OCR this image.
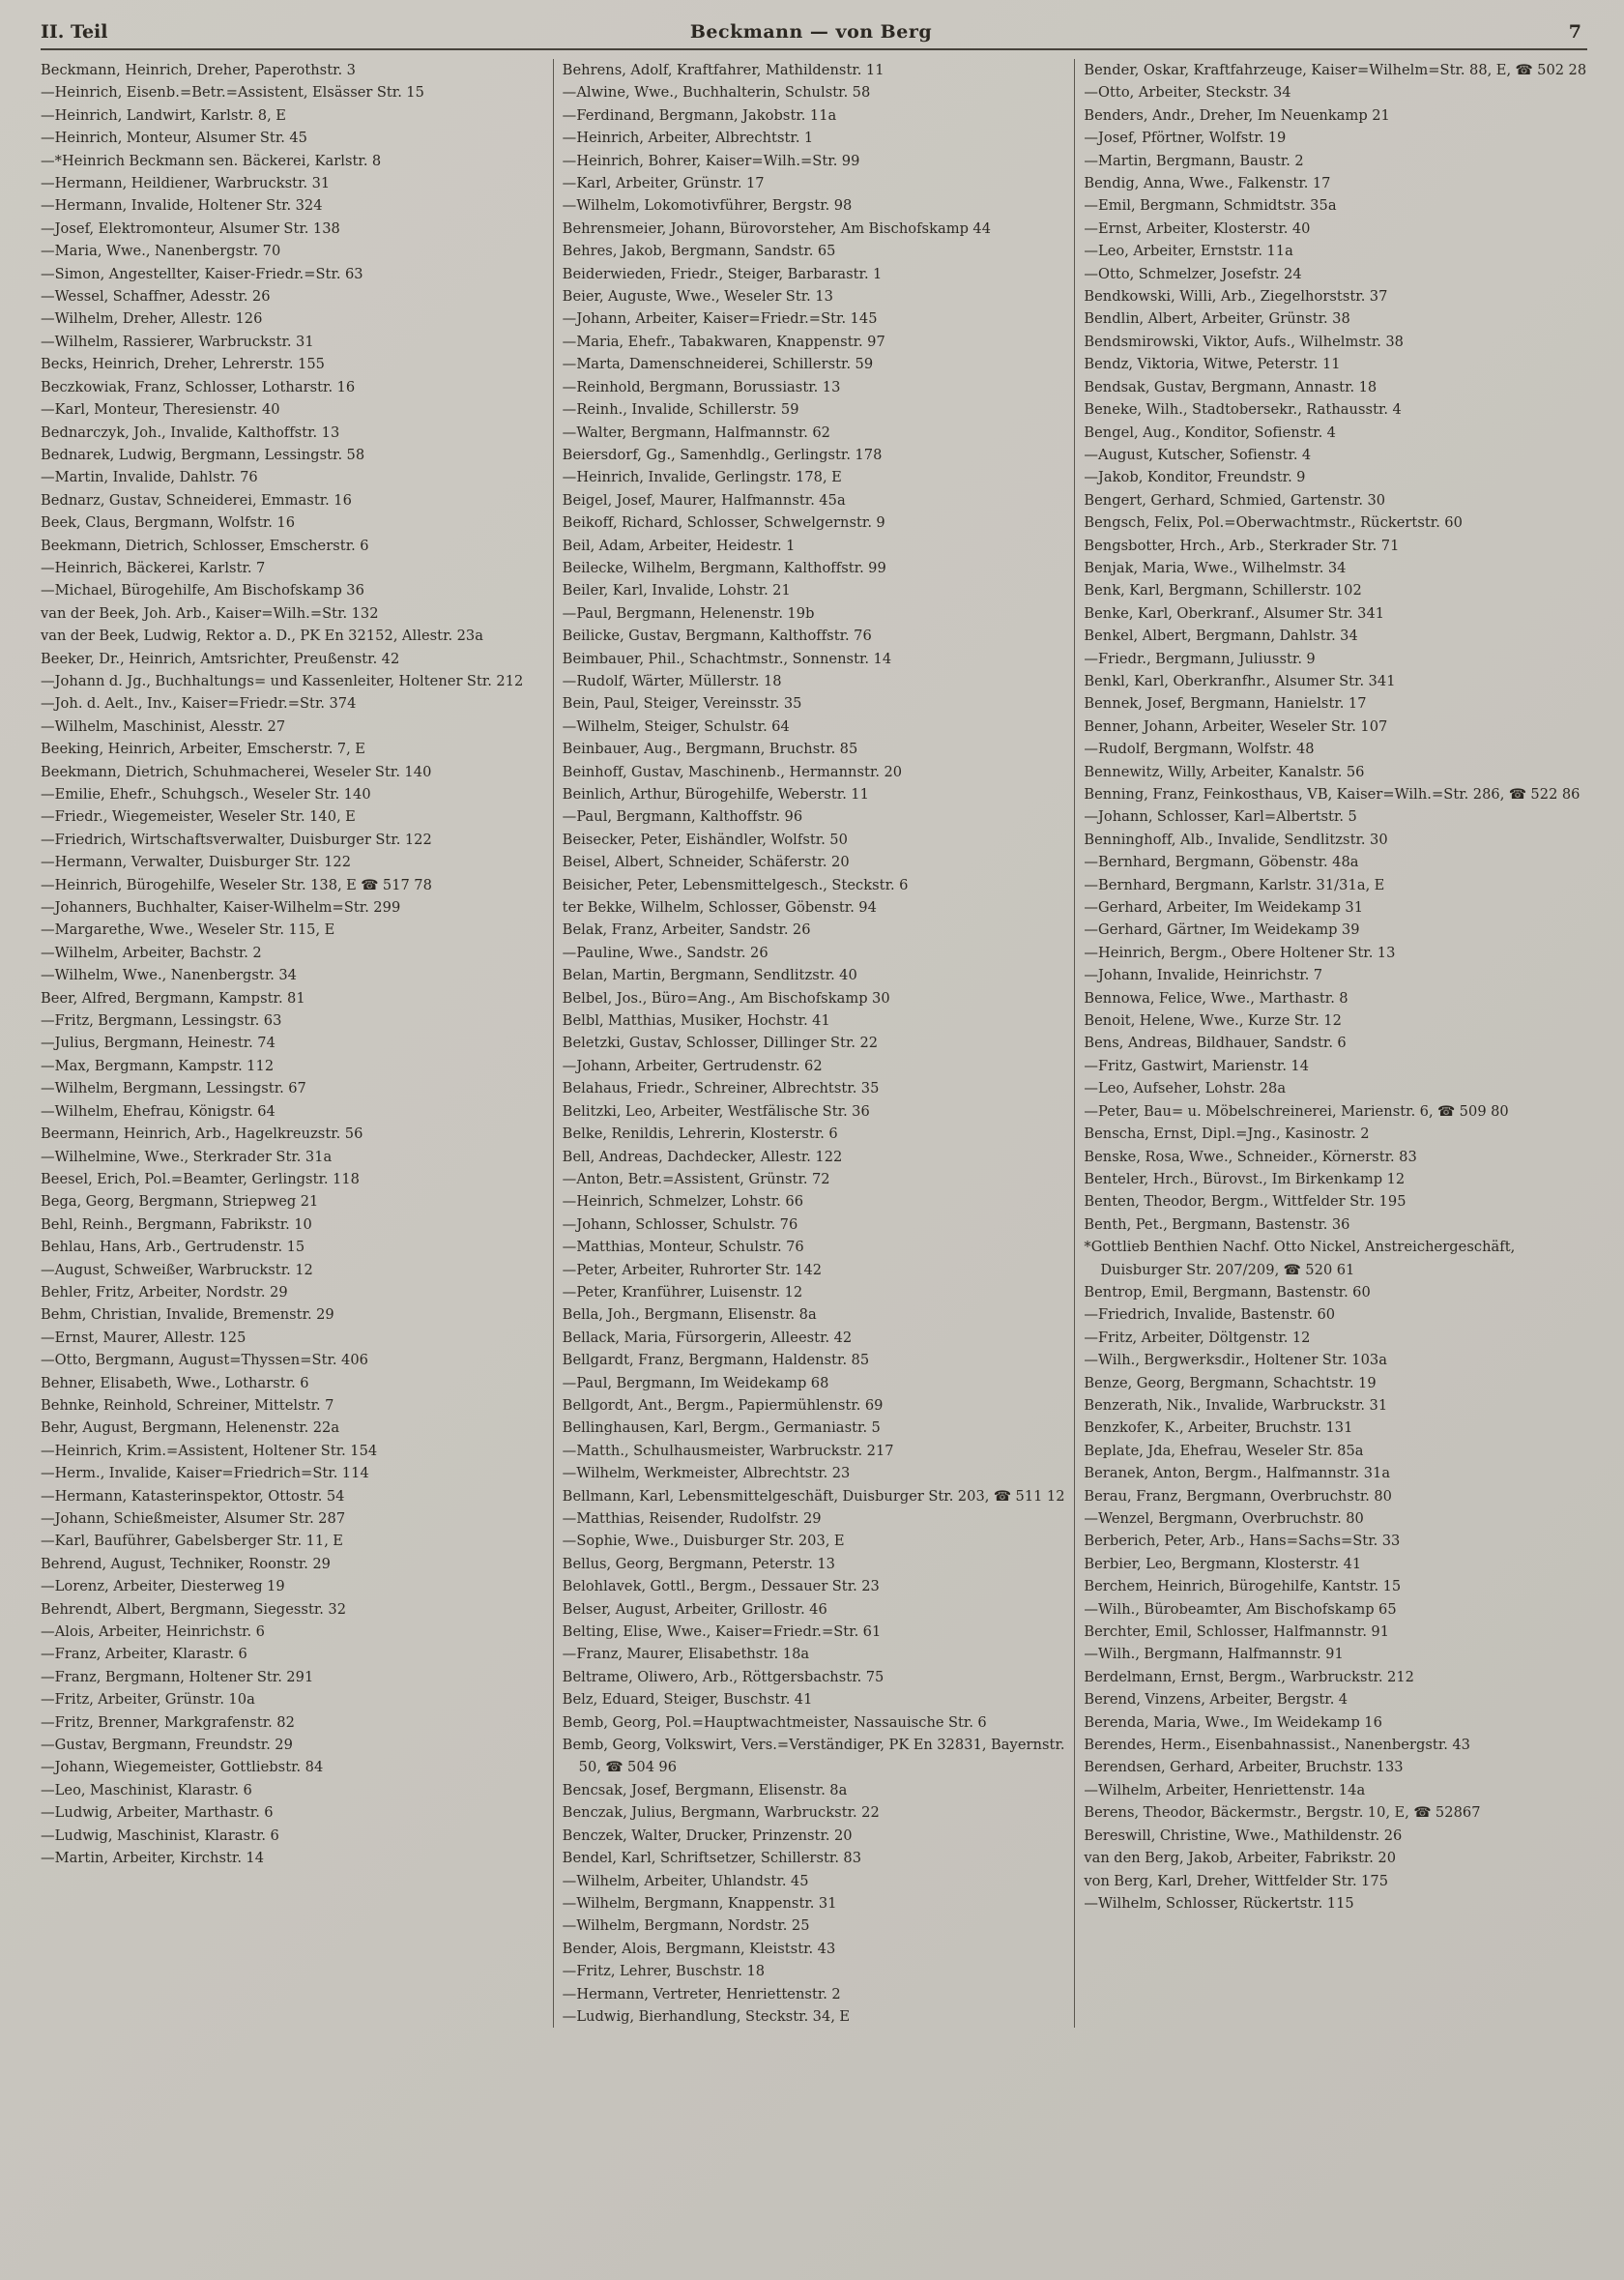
II. Teil	Beckmann — von Berg	7

Beckmann, Heinrich, Dreher, Paperothstr. 3

—Heinrich, Eisenb.=Betr.=Assistent, Elsässer Str. 15

—Heinrich, Landwirt, Karlstr. 8, E

—Heinrich, Monteur, Alsumer Str. 45

—*Heinrich Beckmann sen. Bäckerei, Karlstr. 8

—Hermann, Heildiener, Warbruckstr. 31

—Hermann, Invalide, Holtener Str. 324

—Josef, Elektromonteur, Alsumer Str. 138

—Maria, Wwe., Nanenbergstr. 70

—Simon, Angestellter, Kaiser-Friedr.=Str. 63

—Wessel, Schaffner, Adesstr. 26

—Wilhelm, Dreher, Allestr. 126

—Wilhelm, Rassierer, Warbruckstr. 31

Becks, Heinrich, Dreher, Lehrerstr. 155

Beczkowiak, Franz, Schlosser, Lotharstr. 16

—Karl, Monteur, Theresienstr. 40

Bednarczyk, Joh., Invalide, Kalthoffstr. 13

Bednarek, Ludwig, Bergmann, Lessingstr. 58

—Martin, Invalide, Dahlstr. 76

Bednarz, Gustav, Schneiderei, Emmastr. 16

Beek, Claus, Bergmann, Wolfstr. 16

Beekmann, Dietrich, Schlosser, Emscherstr. 6

—Heinrich, Bäckerei, Karlstr. 7

—Michael, Bürogehilfe, Am Bischofskamp 36

van der Beek, Joh. Arb., Kaiser=Wilh.=Str. 132

van der Beek, Ludwig, Rektor a. D., PK En 32152, Allestr. 23a

Beeker, Dr., Heinrich, Amtsrichter, Preußenstr. 42

—Johann d. Jg., Buchhaltungs= und Kassenleiter, Holtener Str. 212

—Joh. d. Aelt., Inv., Kaiser=Friedr.=Str. 374

—Wilhelm, Maschinist, Alesstr. 27

Beeking, Heinrich, Arbeiter, Emscherstr. 7, E

Beekmann, Dietrich, Schuhmacherei, Weseler Str. 140

—Emilie, Ehefr., Schuhgsch., Weseler Str. 140

—Friedr., Wiegemeister, Weseler Str. 140, E

—Friedrich, Wirtschaftsverwalter, Duisburger Str. 122

—Hermann, Verwalter, Duisburger Str. 122

—Heinrich, Bürogehilfe, Weseler Str. 138, E ☎ 517 78

—Johanners, Buchhalter, Kaiser-Wilhelm=Str. 299

—Margarethe, Wwe., Weseler Str. 115, E

—Wilhelm, Arbeiter, Bachstr. 2

—Wilhelm, Wwe., Nanenbergstr. 34

Beer, Alfred, Bergmann, Kampstr. 81

—Fritz, Bergmann, Lessingstr. 63

—Julius, Bergmann, Heinestr. 74

—Max, Bergmann, Kampstr. 112

—Wilhelm, Bergmann, Lessingstr. 67

—Wilhelm, Ehefrau, Königstr. 64

Beermann, Heinrich, Arb., Hagelkreuzstr. 56

—Wilhelmine, Wwe., Sterkrader Str. 31a

Beesel, Erich, Pol.=Beamter, Gerlingstr. 118

Bega, Georg, Bergmann, Striepweg 21

Behl, Reinh., Bergmann, Fabrikstr. 10

Behlau, Hans, Arb., Gertrudenstr. 15

—August, Schweißer, Warbruckstr. 12

Behler, Fritz, Arbeiter, Nordstr. 29

Behm, Christian, Invalide, Bremenstr. 29

—Ernst, Maurer, Allestr. 125

—Otto, Bergmann, August=Thyssen=Str. 406

Behner, Elisabeth, Wwe., Lotharstr. 6

Behnke, Reinhold, Schreiner, Mittelstr. 7

Behr, August, Bergmann, Helenenstr. 22a

—Heinrich, Krim.=Assistent, Holtener Str. 154

—Herm., Invalide, Kaiser=Friedrich=Str. 114

—Hermann, Katasterinspektor, Ottostr. 54

—Johann, Schießmeister, Alsumer Str. 287

—Karl, Bauführer, Gabelsberger Str. 11, E

Behrend, August, Techniker, Roonstr. 29

—Lorenz, Arbeiter, Diesterweg 19

Behrendt, Albert, Bergmann, Siegesstr. 32

—Alois, Arbeiter, Heinrichstr. 6

—Franz, Arbeiter, Klarastr. 6

—Franz, Bergmann, Holtener Str. 291

—Fritz, Arbeiter, Grünstr. 10a

—Fritz, Brenner, Markgrafenstr. 82

—Gustav, Bergmann, Freundstr. 29

—Johann, Wiegemeister, Gottliebstr. 84

—Leo, Maschinist, Klarastr. 6

—Ludwig, Arbeiter, Marthastr. 6

—Ludwig, Maschinist, Klarastr. 6

—Martin, Arbeiter, Kirchstr. 14

Behrens, Adolf, Kraftfahrer, Mathildenstr. 11

—Alwine, Wwe., Buchhalterin, Schulstr. 58

—Ferdinand, Bergmann, Jakobstr. 11a

—Heinrich, Arbeiter, Albrechtstr. 1

—Heinrich, Bohrer, Kaiser=Wilh.=Str. 99

—Karl, Arbeiter, Grünstr. 17

—Wilhelm, Lokomotivführer, Bergstr. 98

Behrensmeier, Johann, Bürovorsteher, Am Bischofskamp 44

Behres, Jakob, Bergmann, Sandstr. 65

Beiderwieden, Friedr., Steiger, Barbarastr. 1

Beier, Auguste, Wwe., Weseler Str. 13

—Johann, Arbeiter, Kaiser=Friedr.=Str. 145

—Maria, Ehefr., Tabakwaren, Knappenstr. 97

—Marta, Damenschneiderei, Schillerstr. 59

—Reinhold, Bergmann, Borussiastr. 13

—Reinh., Invalide, Schillerstr. 59

—Walter, Bergmann, Halfmannstr. 62

Beiersdorf, Gg., Samenhdlg., Gerlingstr. 178

—Heinrich, Invalide, Gerlingstr. 178, E

Beigel, Josef, Maurer, Halfmannstr. 45a

Beikoff, Richard, Schlosser, Schwelgernstr. 9

Beil, Adam, Arbeiter, Heidestr. 1

Beilecke, Wilhelm, Bergmann, Kalthoffstr. 99

Beiler, Karl, Invalide, Lohstr. 21

—Paul, Bergmann, Helenenstr. 19b

Beilicke, Gustav, Bergmann, Kalthoffstr. 76

Beimbauer, Phil., Schachtmstr., Sonnenstr. 14

—Rudolf, Wärter, Müllerstr. 18

Bein, Paul, Steiger, Vereinsstr. 35

—Wilhelm, Steiger, Schulstr. 64

Beinbauer, Aug., Bergmann, Bruchstr. 85

Beinhoff, Gustav, Maschinenb., Hermannstr. 20

Beinlich, Arthur, Bürogehilfe, Weberstr. 11

—Paul, Bergmann, Kalthoffstr. 96

Beisecker, Peter, Eishändler, Wolfstr. 50

Beisel, Albert, Schneider, Schäferstr. 20

Beisicher, Peter, Lebensmittelgesch., Steckstr. 6

ter Bekke, Wilhelm, Schlosser, Göbenstr. 94

Belak, Franz, Arbeiter, Sandstr. 26

—Pauline, Wwe., Sandstr. 26

Belan, Martin, Bergmann, Sendlitzstr. 40

Belbel, Jos., Büro=Ang., Am Bischofskamp 30

Belbl, Matthias, Musiker, Hochstr. 41

Beletzki, Gustav, Schlosser, Dillinger Str. 22

—Johann, Arbeiter, Gertrudenstr. 62

Belahaus, Friedr., Schreiner, Albrechtstr. 35

Belitzki, Leo, Arbeiter, Westfälische Str. 36

Belke, Renildis, Lehrerin, Klosterstr. 6

Bell, Andreas, Dachdecker, Allestr. 122

—Anton, Betr.=Assistent, Grünstr. 72

—Heinrich, Schmelzer, Lohstr. 66

—Johann, Schlosser, Schulstr. 76

—Matthias, Monteur, Schulstr. 76

—Peter, Arbeiter, Ruhrorter Str. 142

—Peter, Kranführer, Luisenstr. 12

Bella, Joh., Bergmann, Elisenstr. 8a

Bellack, Maria, Fürsorgerin, Alleestr. 42

Bellgardt, Franz, Bergmann, Haldenstr. 85

—Paul, Bergmann, Im Weidekamp 68

Bellgordt, Ant., Bergm., Papiermühlenstr. 69

Bellinghausen, Karl, Bergm., Germaniastr. 5

—Matth., Schulhausmeister, Warbruckstr. 217

—Wilhelm, Werkmeister, Albrechtstr. 23

Bellmann, Karl, Lebensmittelgeschäft, Duisburger Str. 203, ☎ 511 12

—Matthias, Reisender, Rudolfstr. 29

—Sophie, Wwe., Duisburger Str. 203, E

Bellus, Georg, Bergmann, Peterstr. 13

Belohlavek, Gottl., Bergm., Dessauer Str. 23

Belser, August, Arbeiter, Grillostr. 46

Belting, Elise, Wwe., Kaiser=Friedr.=Str. 61

—Franz, Maurer, Elisabethstr. 18a

Beltrame, Oliwero, Arb., Röttgersbachstr. 75

Belz, Eduard, Steiger, Buschstr. 41

Bemb, Georg, Pol.=Hauptwachtmeister, Nassauische Str. 6

Bemb, Georg, Volkswirt, Vers.=Verständiger, PK En 32831, Bayernstr. 50, ☎ 504 96

Bencsak, Josef, Bergmann, Elisenstr. 8a

Benczak, Julius, Bergmann, Warbruckstr. 22

Benczek, Walter, Drucker, Prinzenstr. 20

Bendel, Karl, Schriftsetzer, Schillerstr. 83

—Wilhelm, Arbeiter, Uhlandstr. 45

—Wilhelm, Bergmann, Knappenstr. 31

—Wilhelm, Bergmann, Nordstr. 25

Bender, Alois, Bergmann, Kleiststr. 43

—Fritz, Lehrer, Buschstr. 18

—Hermann, Vertreter, Henriettenstr. 2

—Ludwig, Bierhandlung, Steckstr. 34, E

Bender, Oskar, Kraftfahrzeuge, Kaiser=Wilhelm=Str. 88, E, ☎ 502 28

—Otto, Arbeiter, Steckstr. 34

Benders, Andr., Dreher, Im Neuenkamp 21

—Josef, Pförtner, Wolfstr. 19

—Martin, Bergmann, Baustr. 2

Bendig, Anna, Wwe., Falkenstr. 17

—Emil, Bergmann, Schmidtstr. 35a

—Ernst, Arbeiter, Klosterstr. 40

—Leo, Arbeiter, Ernststr. 11a

—Otto, Schmelzer, Josefstr. 24

Bendkowski, Willi, Arb., Ziegelhorststr. 37

Bendlin, Albert, Arbeiter, Grünstr. 38

Bendsmirowski, Viktor, Aufs., Wilhelmstr. 38

Bendz, Viktoria, Witwe, Peterstr. 11

Bendsak, Gustav, Bergmann, Annastr. 18

Beneke, Wilh., Stadtobersekr., Rathausstr. 4

Bengel, Aug., Konditor, Sofienstr. 4

—August, Kutscher, Sofienstr. 4

—Jakob, Konditor, Freundstr. 9

Bengert, Gerhard, Schmied, Gartenstr. 30

Bengsch, Felix, Pol.=Oberwachtmstr., Rückertstr. 60

Bengsbotter, Hrch., Arb., Sterkrader Str. 71

Benjak, Maria, Wwe., Wilhelmstr. 34

Benk, Karl, Bergmann, Schillerstr. 102

Benke, Karl, Oberkranf., Alsumer Str. 341

Benkel, Albert, Bergmann, Dahlstr. 34

—Friedr., Bergmann, Juliusstr. 9

Benkl, Karl, Oberkranfhr., Alsumer Str. 341

Bennek, Josef, Bergmann, Hanielstr. 17

Benner, Johann, Arbeiter, Weseler Str. 107

—Rudolf, Bergmann, Wolfstr. 48

Bennewitz, Willy, Arbeiter, Kanalstr. 56

Benning, Franz, Feinkosthaus, VB, Kaiser=Wilh.=Str. 286, ☎ 522 86

—Johann, Schlosser, Karl=Albertstr. 5

Benninghoff, Alb., Invalide, Sendlitzstr. 30

—Bernhard, Bergmann, Göbenstr. 48a

—Bernhard, Bergmann, Karlstr. 31/31a, E

—Gerhard, Arbeiter, Im Weidekamp 31

—Gerhard, Gärtner, Im Weidekamp 39

—Heinrich, Bergm., Obere Holtener Str. 13

—Johann, Invalide, Heinrichstr. 7

Bennowa, Felice, Wwe., Marthastr. 8

Benoit, Helene, Wwe., Kurze Str. 12

Bens, Andreas, Bildhauer, Sandstr. 6

—Fritz, Gastwirt, Marienstr. 14

—Leo, Aufseher, Lohstr. 28a

—Peter, Bau= u. Möbelschreinerei, Marienstr. 6, ☎ 509 80

Benscha, Ernst, Dipl.=Jng., Kasinostr. 2

Benske, Rosa, Wwe., Schneider., Körnerstr. 83

Benteler, Hrch., Bürovst., Im Birkenkamp 12

Benten, Theodor, Bergm., Wittfelder Str. 195

Benth, Pet., Bergmann, Bastenstr. 36

*Gottlieb Benthien Nachf. Otto Nickel, Anstreichergeschäft, Duisburger Str. 207/209, ☎ 520 61

Bentrop, Emil, Bergmann, Bastenstr. 60

—Friedrich, Invalide, Bastenstr. 60

—Fritz, Arbeiter, Döltgenstr. 12

—Wilh., Bergwerksdir., Holtener Str. 103a

Benze, Georg, Bergmann, Schachtstr. 19

Benzerath, Nik., Invalide, Warbruckstr. 31

Benzkofer, K., Arbeiter, Bruchstr. 131

Beplate, Jda, Ehefrau, Weseler Str. 85a

Beranek, Anton, Bergm., Halfmannstr. 31a

Berau, Franz, Bergmann, Overbruchstr. 80

—Wenzel, Bergmann, Overbruchstr. 80

Berberich, Peter, Arb., Hans=Sachs=Str. 33

Berbier, Leo, Bergmann, Klosterstr. 41

Berchem, Heinrich, Bürogehilfe, Kantstr. 15

—Wilh., Bürobeamter, Am Bischofskamp 65

Berchter, Emil, Schlosser, Halfmannstr. 91

—Wilh., Bergmann, Halfmannstr. 91

Berdelmann, Ernst, Bergm., Warbruckstr. 212

Berend, Vinzens, Arbeiter, Bergstr. 4

Berenda, Maria, Wwe., Im Weidekamp 16

Berendes, Herm., Eisenbahnassist., Nanenbergstr. 43

Berendsen, Gerhard, Arbeiter, Bruchstr. 133

—Wilhelm, Arbeiter, Henriettenstr. 14a

Berens, Theodor, Bäckermstr., Bergstr. 10, E, ☎ 52867

Bereswill, Christine, Wwe., Mathildenstr. 26

van den Berg, Jakob, Arbeiter, Fabrikstr. 20

von Berg, Karl, Dreher, Wittfelder Str. 175

—Wilhelm, Schlosser, Rückertstr. 115
